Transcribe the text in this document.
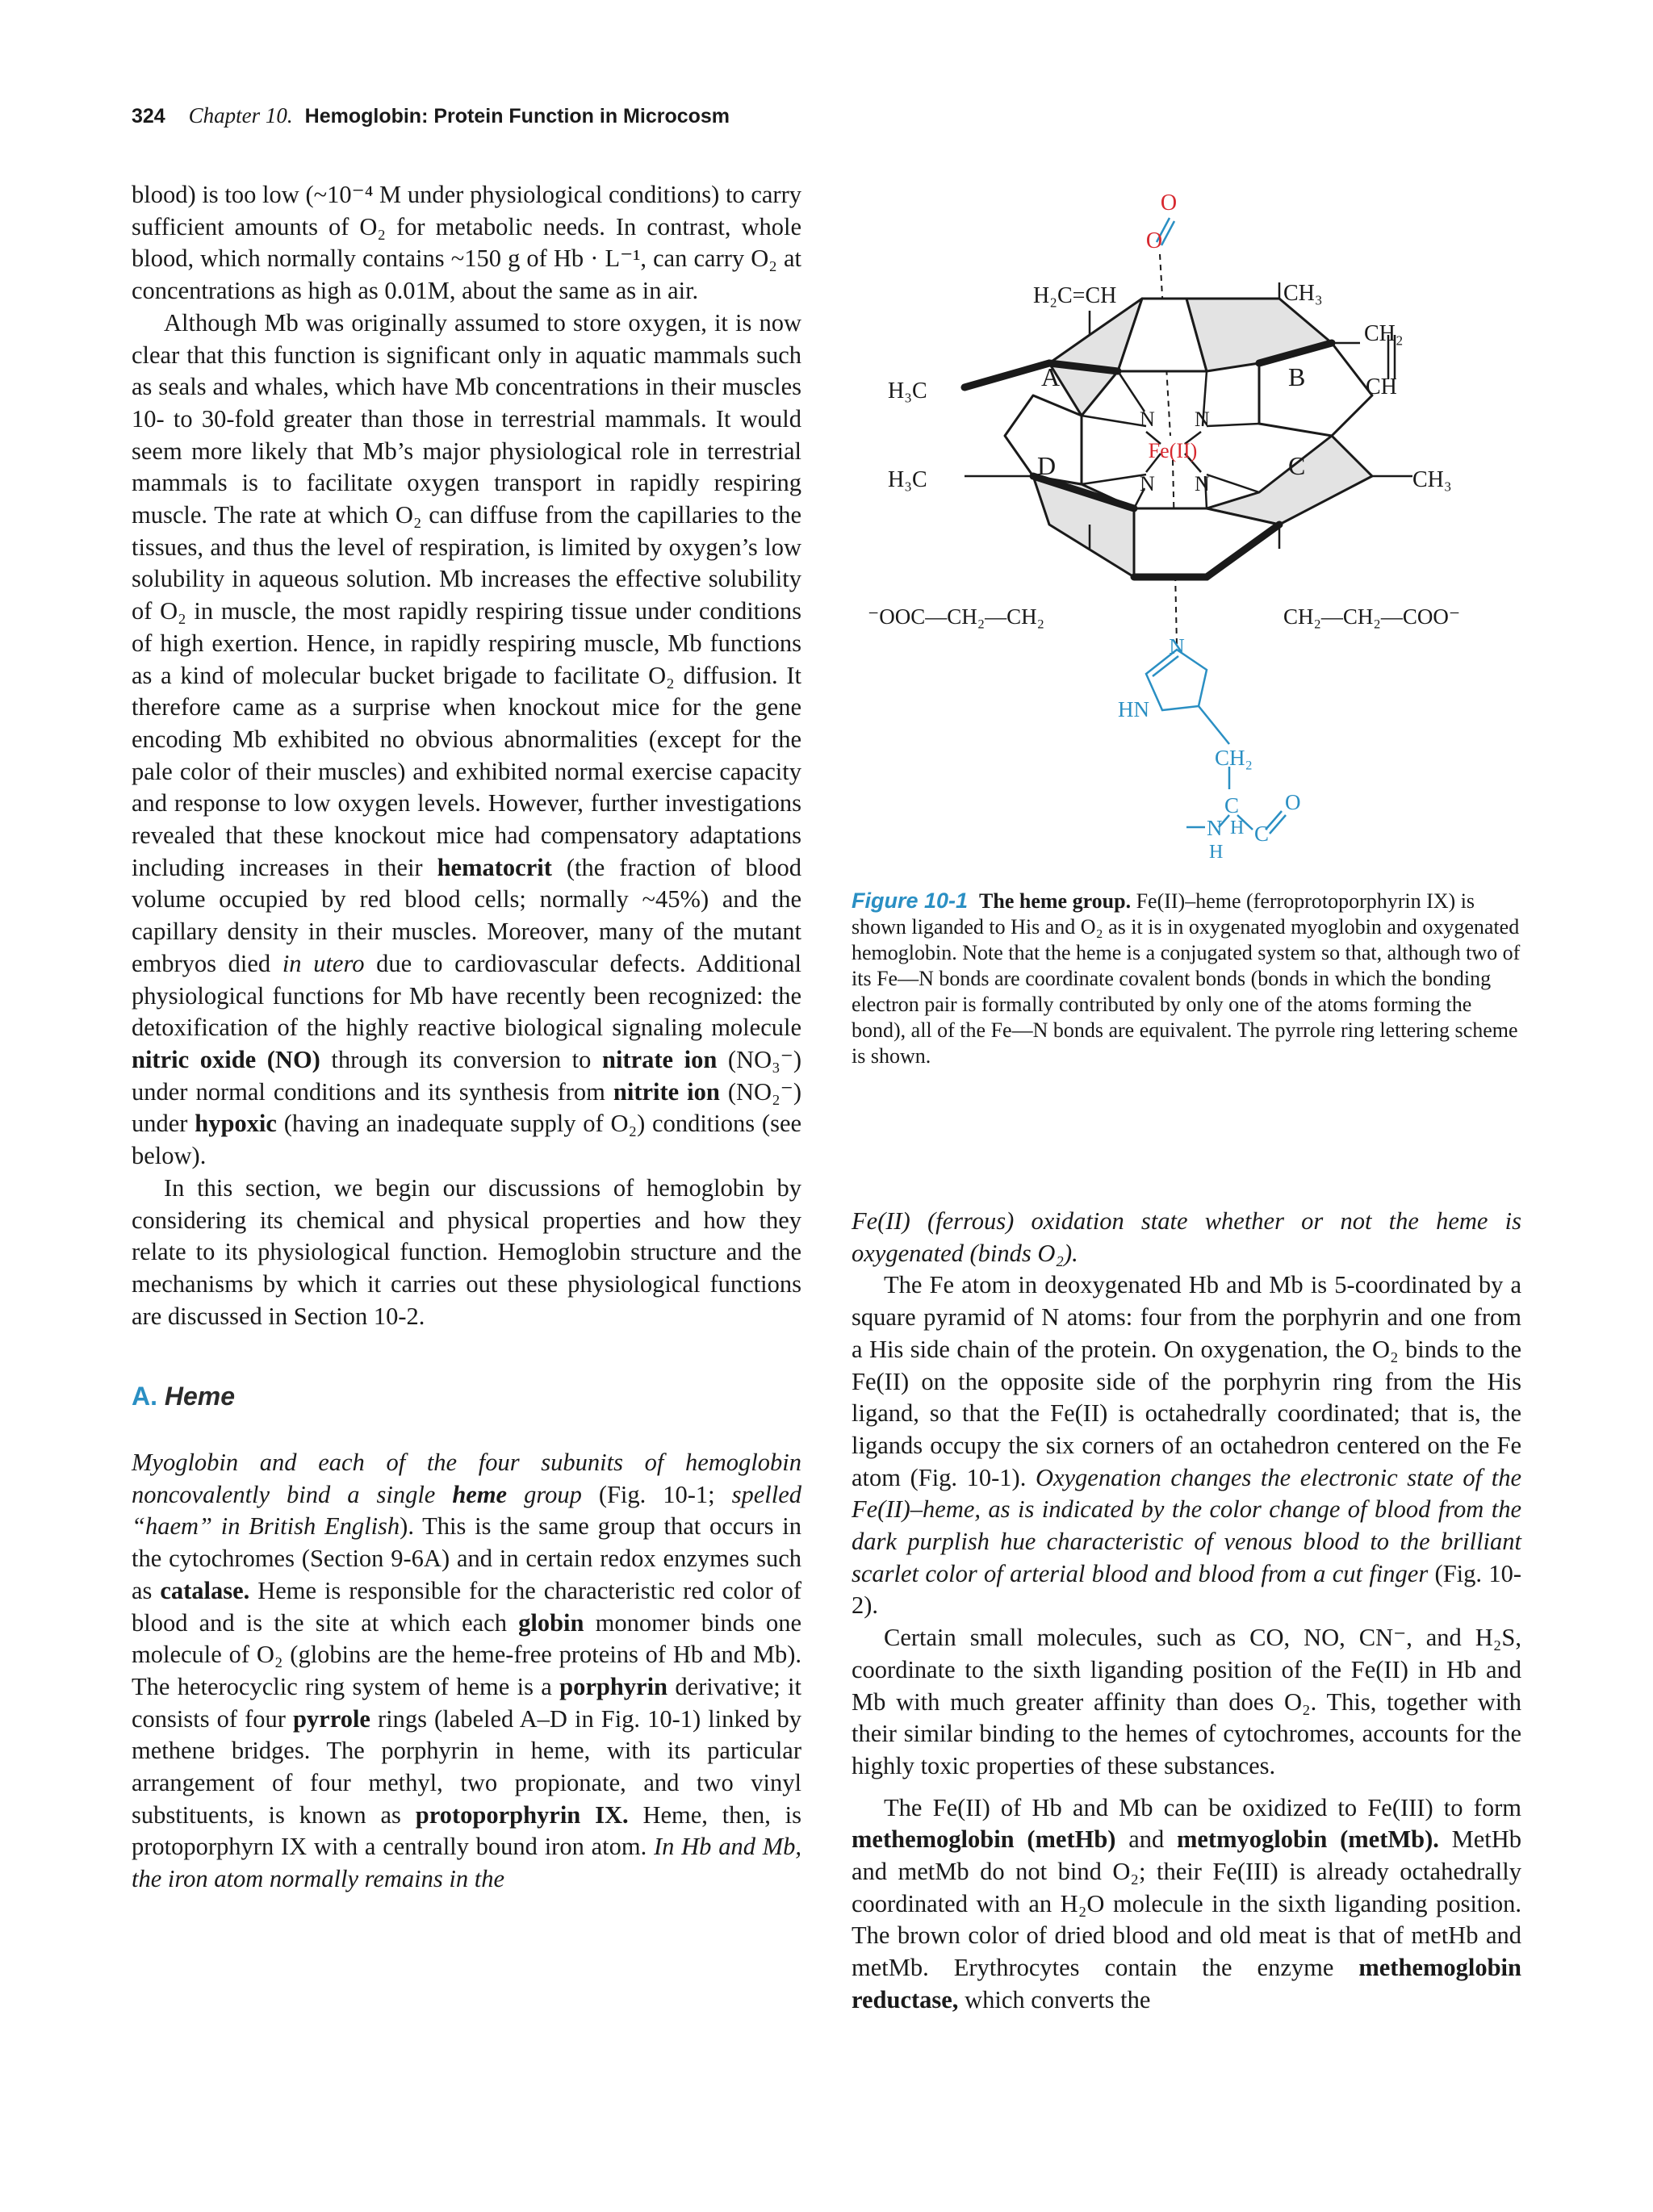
324 Chapter 10. Hemoglobin: Protein Function in Microcosm

blood) is too low (~10⁻⁴ M under physiological conditions) to carry sufficient amounts of O₂ for metabolic needs. In contrast, whole blood, which normally contains ~150 g of Hb · L⁻¹, can carry O₂ at concentrations as high as 0.01M, about the same as in air.

Although Mb was originally assumed to store oxygen, it is now clear that this function is significant only in aquatic mammals such as seals and whales, which have Mb concentrations in their muscles 10- to 30-fold greater than those in terrestrial mammals. It would seem more likely that Mb’s major physiological role in terrestrial mammals is to facilitate oxygen transport in rapidly respiring muscle. The rate at which O₂ can diffuse from the capillaries to the tissues, and thus the level of respiration, is limited by oxygen’s low solubility in aqueous solution. Mb increases the effective solubility of O₂ in muscle, the most rapidly respiring tissue under conditions of high exertion. Hence, in rapidly respiring muscle, Mb functions as a kind of molecular bucket brigade to facilitate O₂ diffusion. It therefore came as a surprise when knockout mice for the gene encoding Mb exhibited no obvious abnormalities (except for the pale color of their muscles) and exhibited normal exercise capacity and response to low oxygen levels. However, further investigations revealed that these knockout mice had compensatory adaptations including increases in their hematocrit (the fraction of blood volume occupied by red blood cells; normally ~45%) and the capillary density in their muscles. Moreover, many of the mutant embryos died in utero due to cardiovascular defects. Additional physiological functions for Mb have recently been recognized: the detoxification of the highly reactive biological signaling molecule nitric oxide (NO) through its conversion to nitrate ion (NO₃⁻) under normal conditions and its synthesis from nitrite ion (NO₂⁻) under hypoxic (having an inadequate supply of O₂) conditions (see below).

In this section, we begin our discussions of hemoglobin by considering its chemical and physical properties and how they relate to its physiological function. Hemoglobin structure and the mechanisms by which it carries out these physiological functions are discussed in Section 10-2.

A. Heme

Myoglobin and each of the four subunits of hemoglobin noncovalently bind a single heme group (Fig. 10-1; spelled “haem” in British English). This is the same group that occurs in the cytochromes (Section 9-6A) and in certain redox enzymes such as catalase. Heme is responsible for the characteristic red color of blood and is the site at which each globin monomer binds one molecule of O₂ (globins are the heme-free proteins of Hb and Mb). The heterocyclic ring system of heme is a porphyrin derivative; it consists of four pyrrole rings (labeled A–D in Fig. 10-1) linked by methene bridges. The porphyrin in heme, with its particular arrangement of four methyl, two propionate, and two vinyl substituents, is known as protoporphyrin IX. Heme, then, is protoporphyrn IX with a centrally bound iron atom. In Hb and Mb, the iron atom normally remains in the

O
O
H₂C=CH	CH₃
CH₂
CH
H₃C
H₃C	CH₃
A	B
C
D
N N
N N
Fe(II)
⁻OOC—CH₂—CH₂	CH₂—CH₂—COO⁻
N
HN
CH₂
C
H C
O
N
H

Figure 10-1 The heme group. Fe(II)–heme (ferroprotoporphyrin IX) is shown liganded to His and O₂ as it is in oxygenated myoglobin and oxygenated hemoglobin. Note that the heme is a conjugated system so that, although two of its Fe—N bonds are coordinate covalent bonds (bonds in which the bonding electron pair is formally contributed by only one of the atoms forming the bond), all of the Fe—N bonds are equivalent. The pyrrole ring lettering scheme is shown.

Fe(II) (ferrous) oxidation state whether or not the heme is oxygenated (binds O₂).

The Fe atom in deoxygenated Hb and Mb is 5-coordinated by a square pyramid of N atoms: four from the porphyrin and one from a His side chain of the protein. On oxygenation, the O₂ binds to the Fe(II) on the opposite side of the porphyrin ring from the His ligand, so that the Fe(II) is octahedrally coordinated; that is, the ligands occupy the six corners of an octahedron centered on the Fe atom (Fig. 10-1). Oxygenation changes the electronic state of the Fe(II)–heme, as is indicated by the color change of blood from the dark purplish hue characteristic of venous blood to the brilliant scarlet color of arterial blood and blood from a cut finger (Fig. 10-2).

Certain small molecules, such as CO, NO, CN⁻, and H₂S, coordinate to the sixth liganding position of the Fe(II) in Hb and Mb with much greater affinity than does O₂. This, together with their similar binding to the hemes of cytochromes, accounts for the highly toxic properties of these substances.

The Fe(II) of Hb and Mb can be oxidized to Fe(III) to form methemoglobin (metHb) and metmyoglobin (metMb). MetHb and metMb do not bind O₂; their Fe(III) is already octahedrally coordinated with an H₂O molecule in the sixth liganding position. The brown color of dried blood and old meat is that of metHb and metMb. Erythrocytes contain the enzyme methemoglobin reductase, which converts the
